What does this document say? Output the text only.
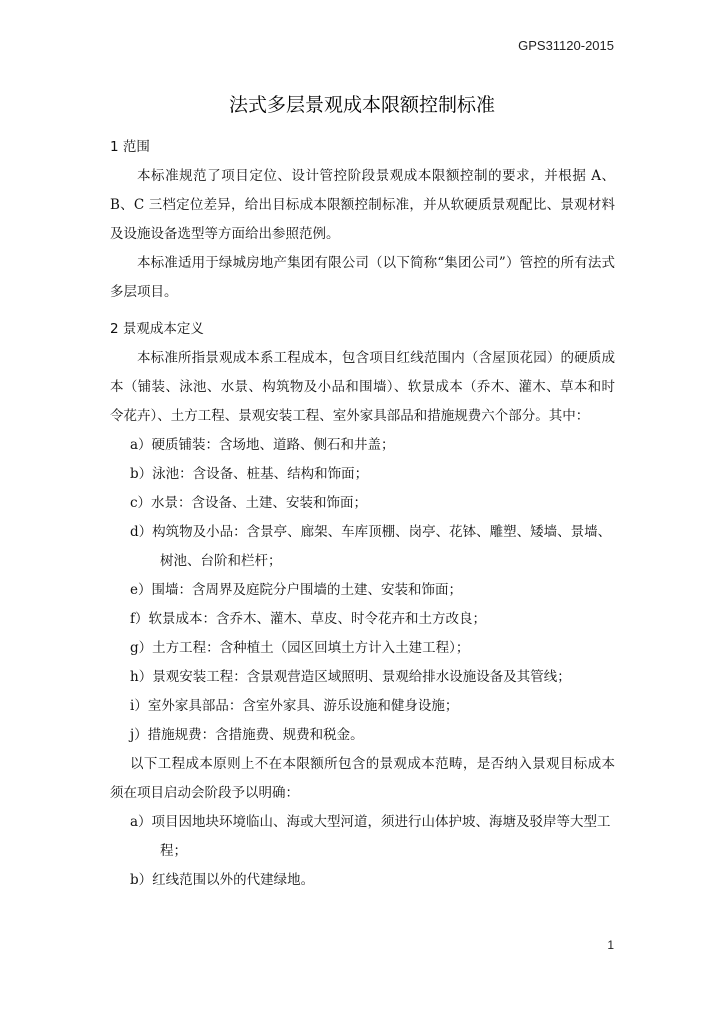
GPS31120-2015
法式多层景观成本限额控制标准

1 范围

本标准规范了项目定位、设计管控阶段景观成本限额控制的要求，并根据 A、B、C 三档定位差异，给出目标成本限额控制标准，并从软硬质景观配比、景观材料及设施设备选型等方面给出参照范例。

本标准适用于绿城房地产集团有限公司（以下简称“集团公司”）管控的所有法式多层项目。

2 景观成本定义

本标准所指景观成本系工程成本，包含项目红线范围内（含屋顶花园）的硬质成本（铺装、泳池、水景、构筑物及小品和围墙）、软景成本（乔木、灌木、草本和时令花卉）、土方工程、景观安装工程、室外家具部品和措施规费六个部分。其中：

a）硬质铺装：含场地、道路、侧石和井盖；
b）泳池：含设备、桩基、结构和饰面；
c）水景：含设备、土建、安装和饰面；
d）构筑物及小品：含景亭、廊架、车库顶棚、岗亭、花钵、雕塑、矮墙、景墙、树池、台阶和栏杆；
e）围墙：含周界及庭院分户围墙的土建、安装和饰面；
f）软景成本：含乔木、灌木、草皮、时令花卉和土方改良；
g）土方工程：含种植土（园区回填土方计入土建工程）；
h）景观安装工程：含景观营造区域照明、景观给排水设施设备及其管线；
i）室外家具部品：含室外家具、游乐设施和健身设施；
j）措施规费：含措施费、规费和税金。

以下工程成本原则上不在本限额所包含的景观成本范畴，是否纳入景观目标成本须在项目启动会阶段予以明确：

a）项目因地块环境临山、海或大型河道，须进行山体护坡、海塘及驳岸等大型工程；
b）红线范围以外的代建绿地。
1
